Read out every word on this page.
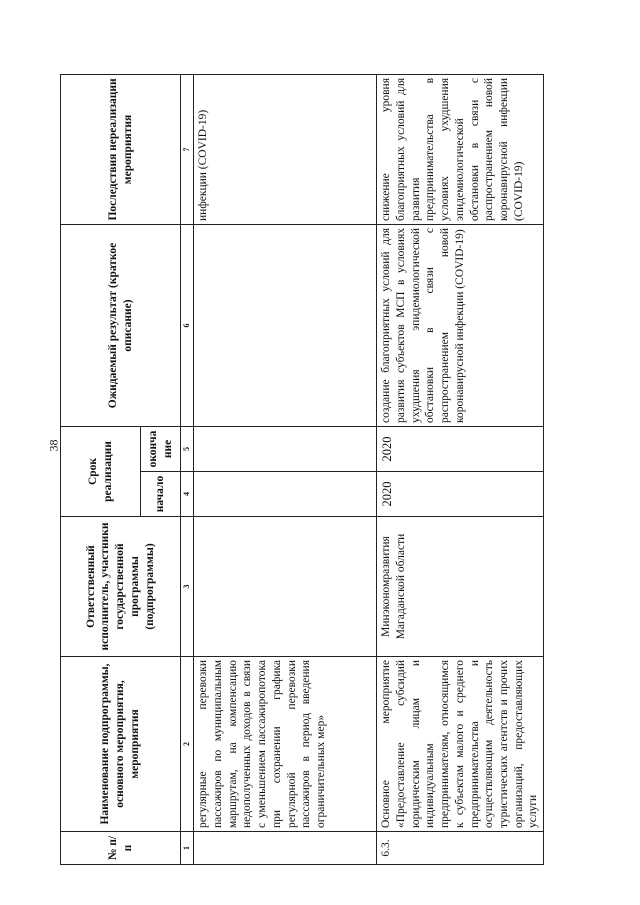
38
№ п/п	Наименование подпрограммы, основного мероприятия, мероприятия	Ответственный исполнитель, участники государственной программы (подпрограммы)	Срок реализации		Ожидаемый результат (краткое описание)	Последствия нереализации мероприятия
			начало	оконча ние		
1	2	3	4	5	6	7
	регулярные перевозки пассажиров по муниципальным маршрутам, на компенсацию недополученных доходов в связи с уменьшением пассажиропотока при сохранении графика регулярной перевозки пассажиров в период введения ограничительных мер»					инфекции (COVID-19)
6.3.	Основное мероприятие «Предоставление субсидий юридическим лицам и индивидуальным предпринимателям, относящимся к субъектам малого и среднего предпринимательства и осуществляющим деятельность туристических агентств и прочих организаций, предоставляющих услуги	Минэкономразвития Магаданской области	2020	2020	создание благоприятных условий для развития субъектов МСП в условиях ухудшения эпидемиологической обстановки в связи с распространением новой коронавирусной инфекции (COVID-19)	снижение уровня благоприятных условий для развития предпринимательства в условиях ухудшения эпидемиологической обстановки в связи с распространением новой коронавирусной инфекции (COVID-19)
